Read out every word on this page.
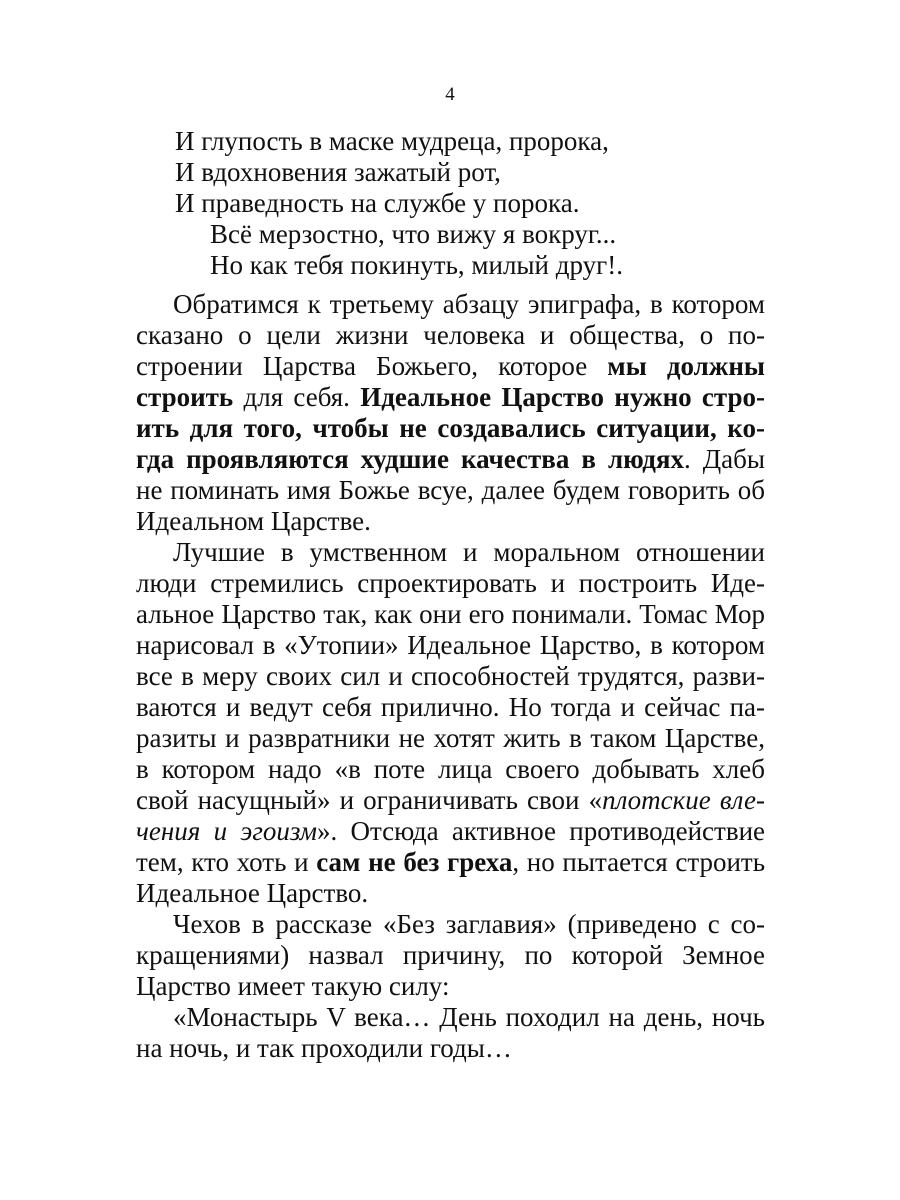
4
И глупость в маске мудреца, пророка,
И вдохновения зажатый рот,
И праведность на службе у порока.
Всё мерзостно, что вижу я вокруг...
Но как тебя покинуть, милый друг!.
Обратимся к третьему абзацу эпиграфа, в котором
сказано о цели жизни человека и общества, о по-
строении Царства Божьего, которое мы должны
строить для себя. Идеальное Царство нужно стро-
ить для того, чтобы не создавались ситуации, ко-
гда проявляются худшие качества в людях. Дабы
не поминать имя Божье всуе, далее будем говорить об
Идеальном Царстве.
Лучшие в умственном и моральном отношении
люди стремились спроектировать и построить Иде-
альное Царство так, как они его понимали. Томас Мор
нарисовал в «Утопии» Идеальное Царство, в котором
все в меру своих сил и способностей трудятся, разви-
ваются и ведут себя прилично. Но тогда и сейчас па-
разиты и развратники не хотят жить в таком Царстве,
в котором надо «в поте лица своего добывать хлеб
свой насущный» и ограничивать свои «плотские вле-
чения и эгоизм». Отсюда активное противодействие
тем, кто хоть и сам не без греха, но пытается строить
Идеальное Царство.
Чехов в рассказе «Без заглавия» (приведено с со-
кращениями) назвал причину, по которой Земное
Царство имеет такую силу:
«Монастырь V века… День походил на день, ночь
на ночь, и так проходили годы…
